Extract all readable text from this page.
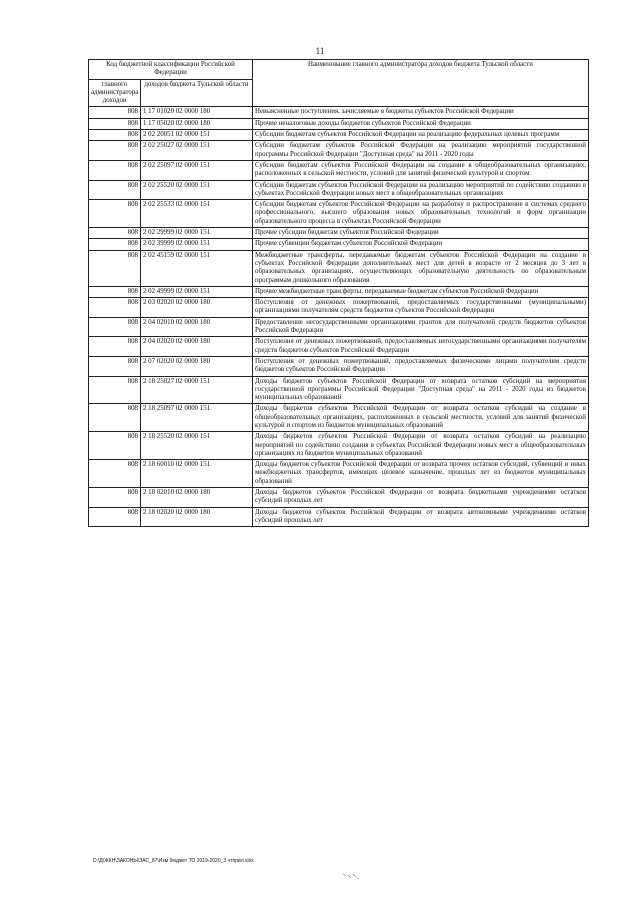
11
Код бюджетной классификации Российской Федерации		Наименование главного администратора доходов бюджета Тульской области
главного администратора доходов	доходов бюджета Тульской области	
808	1 17 01020 02 0000 180	Невыясненные поступления, зачисляемые в бюджеты субъектов Российской Федерации
808	1 17 05020 02 0000 180	Прочие неналоговые доходы бюджетов субъектов Российской Федерации
808	2 02 20051 02 0000 151	Субсидии бюджетам субъектов Российской Федерации на реализацию федеральных целевых программ
808	2 02 25027 02 0000 151	Субсидии бюджетам субъектов Российской Федерации на реализацию мероприятий государственной программы Российской Федерации "Доступная среда" на 2011 - 2020 годы
808	2 02 25097 02 0000 151	Субсидии бюджетам субъектов Российской Федерации на создание в общеобразовательных организациях, расположенных в сельской местности, условий для занятий физической культурой и спортом
808	2 02 25520 02 0000 151	Субсидии бюджетам субъектов Российской Федерации на реализацию мероприятий по содействию созданию в субъектах Российской Федерации новых мест в общеобразовательных организациях
808	2 02 25533 02 0000 151	Субсидии бюджетам субъектов Российской Федерации на разработку и распространение в системах среднего профессионального, высшего образования новых образовательных технологий и форм организации образовательного процесса в субъектах Российской Федерации
808	2 02 29999 02 0000 151	Прочие субсидии бюджетам субъектов Российской Федерации
808	2 02 39999 02 0000 151	Прочие субвенции бюджетам субъектов Российской Федерации
808	2 02 45159 02 0000 151	Межбюджетные трансферты, передаваемые бюджетам субъектов Российской Федерации на создание в субъектах Российской Федерации дополнительных мест для детей в возрасте от 2 месяцев до 3 лет в образовательных организациях, осуществляющих образовательную деятельность по образовательным программам дошкольного образования
808	2 02 49999 02 0000 151	Прочие межбюджетные трансферты, передаваемые бюджетам субъектов Российской Федерации
808	2 03 02020 02 0000 180	Поступления от денежных пожертвований, предоставляемых государственными (муниципальными) организациями получателям средств бюджетов субъектов Российской Федерации
808	2 04 02010 02 0000 180	Предоставление негосударственными организациями грантов для получателей средств бюджетов субъектов Российской Федерации
808	2 04 02020 02 0000 180	Поступления от денежных пожертвований, предоставляемых негосударственными организациями получателям средств бюджетов субъектов Российской Федерации
808	2 07 02020 02 0000 180	Поступления от денежных пожертвований, предоставляемых физическими лицами получателям средств бюджетов субъектов Российской Федерации
808	2 18 25027 02 0000 151	Доходы бюджетов субъектов Российской Федерации от возврата остатков субсидий на мероприятия государственной программы Российской Федерации "Доступная среда" на 2011 - 2020 годы из бюджетов муниципальных образований
808	2 18 25097 02 0000 151	Доходы бюджетов субъектов Российской Федерации от возврата остатков субсидий на создание в общеобразовательных организациях, расположенных в сельской местности, условий для занятий физической культурой и спортом из бюджетов муниципальных образований
808	2 18 25520 02 0000 151	Доходы бюджетов субъектов Российской Федерации от возврата остатков субсидий на реализацию мероприятий по содействию создания в субъектах Российской Федерации новых мест в общеобразовательных организациях из бюджетов муниципальных образований
808	2 18 60010 02 0000 151	Доходы бюджетов субъектов Российской Федерации от возврата прочих остатков субсидий, субвенций и иных межбюджетных трансфертов, имеющих целевое назначение, прошлых лет из бюджетов муниципальных образований
808	2 18 02010 02 0000 180	Доходы бюджетов субъектов Российской Федерации от возврата бюджетными учреждениями остатков субсидий прошлых лет
808	2 18 02020 02 0000 180	Доходы бюджетов субъектов Российской Федерации от возврата автономными учреждениями остатков субсидий прошлых лет
D:\Д\ЖКН\ЗАКОНЫ\ЗАС_87\Изм бюджет ТО 2019-2020_3 чтприл.xlsx
